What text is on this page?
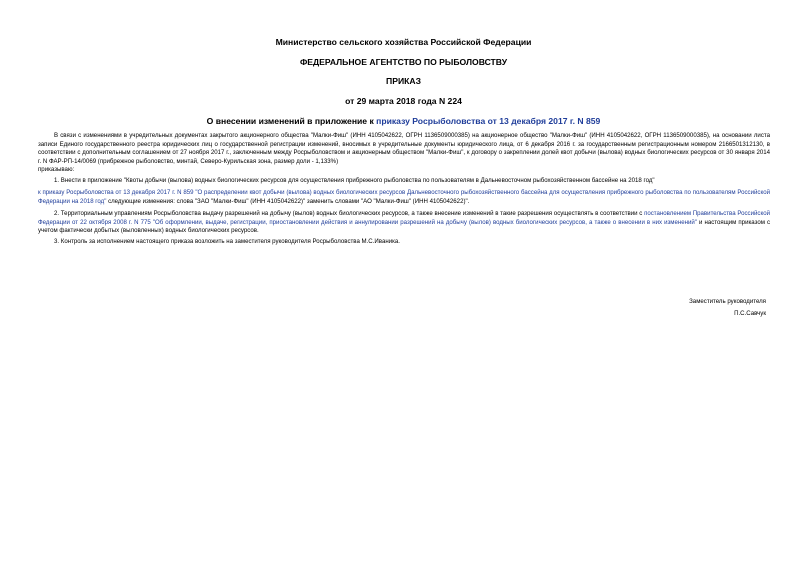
Министерство сельского хозяйства Российской Федерации
ФЕДЕРАЛЬНОЕ АГЕНТСТВО ПО РЫБОЛОВСТВУ
ПРИКАЗ
от 29 марта 2018 года N 224
О внесении изменений в приложение к приказу Росрыболовства от 13 декабря 2017 г. N 859

В связи с изменениями в учредительных документах закрытого акционерного общества "Малки-Фиш" (ИНН 4105042622, ОГРН 1136509000385) на акционерное общество "Малки-Фиш" (ИНН 4105042622, ОГРН 1136509000385), на основании листа записи Единого государственного реестра юридических лиц о государственной регистрации изменений, вносимых в учредительные документы юридического лица, от 6 декабря 2016 г. за государственным регистрационным номером 2166501312130, в соответствии с дополнительным соглашением от 27 ноября 2017 г., заключенным между Росрыболовством и акционерным обществом "Малки-Фиш", к договору о закреплении долей квот добычи (вылова) водных биологических ресурсов от 30 января 2014 г. N ФАР-РП-14/0069 (прибрежное рыболовство, минтай, Северо-Курильская зона, размер доли - 1,133%)

приказываю:

1. Внести в приложение "Квоты добычи (вылова) водных биологических ресурсов для осуществления прибрежного рыболовства по пользователям в Дальневосточном рыбохозяйственном бассейне на 2018 год"

к приказу Росрыболовства от 13 декабря 2017 г. N 859 "О распределении квот добычи (вылова) водных биологических ресурсов Дальневосточного рыбохозяйственного бассейна для осуществления прибрежного рыболовства по пользователям Российской Федерации на 2018 год" следующие изменения: слова "ЗАО "Малки-Фиш" (ИНН 4105042622)" заменить словами "АО "Малки-Фиш" (ИНН 4105042622)".

2. Территориальным управлениям Росрыболовства выдачу разрешений на добычу (вылов) водных биологических ресурсов, а также внесение изменений в такие разрешения осуществлять в соответствии с постановлением Правительства Российской Федерации от 22 октября 2008 г. N 775 "Об оформлении, выдаче, регистрации, приостановлении действия и аннулировании разрешений на добычу (вылов) водных биологических ресурсов, а также о внесении в них изменений" и настоящим приказом с учетом фактически добытых (выловленных) водных биологических ресурсов.

3. Контроль за исполнением настоящего приказа возложить на заместителя руководителя Росрыболовства М.С.Иваника.

Заместитель руководителя
П.С.Савчук
